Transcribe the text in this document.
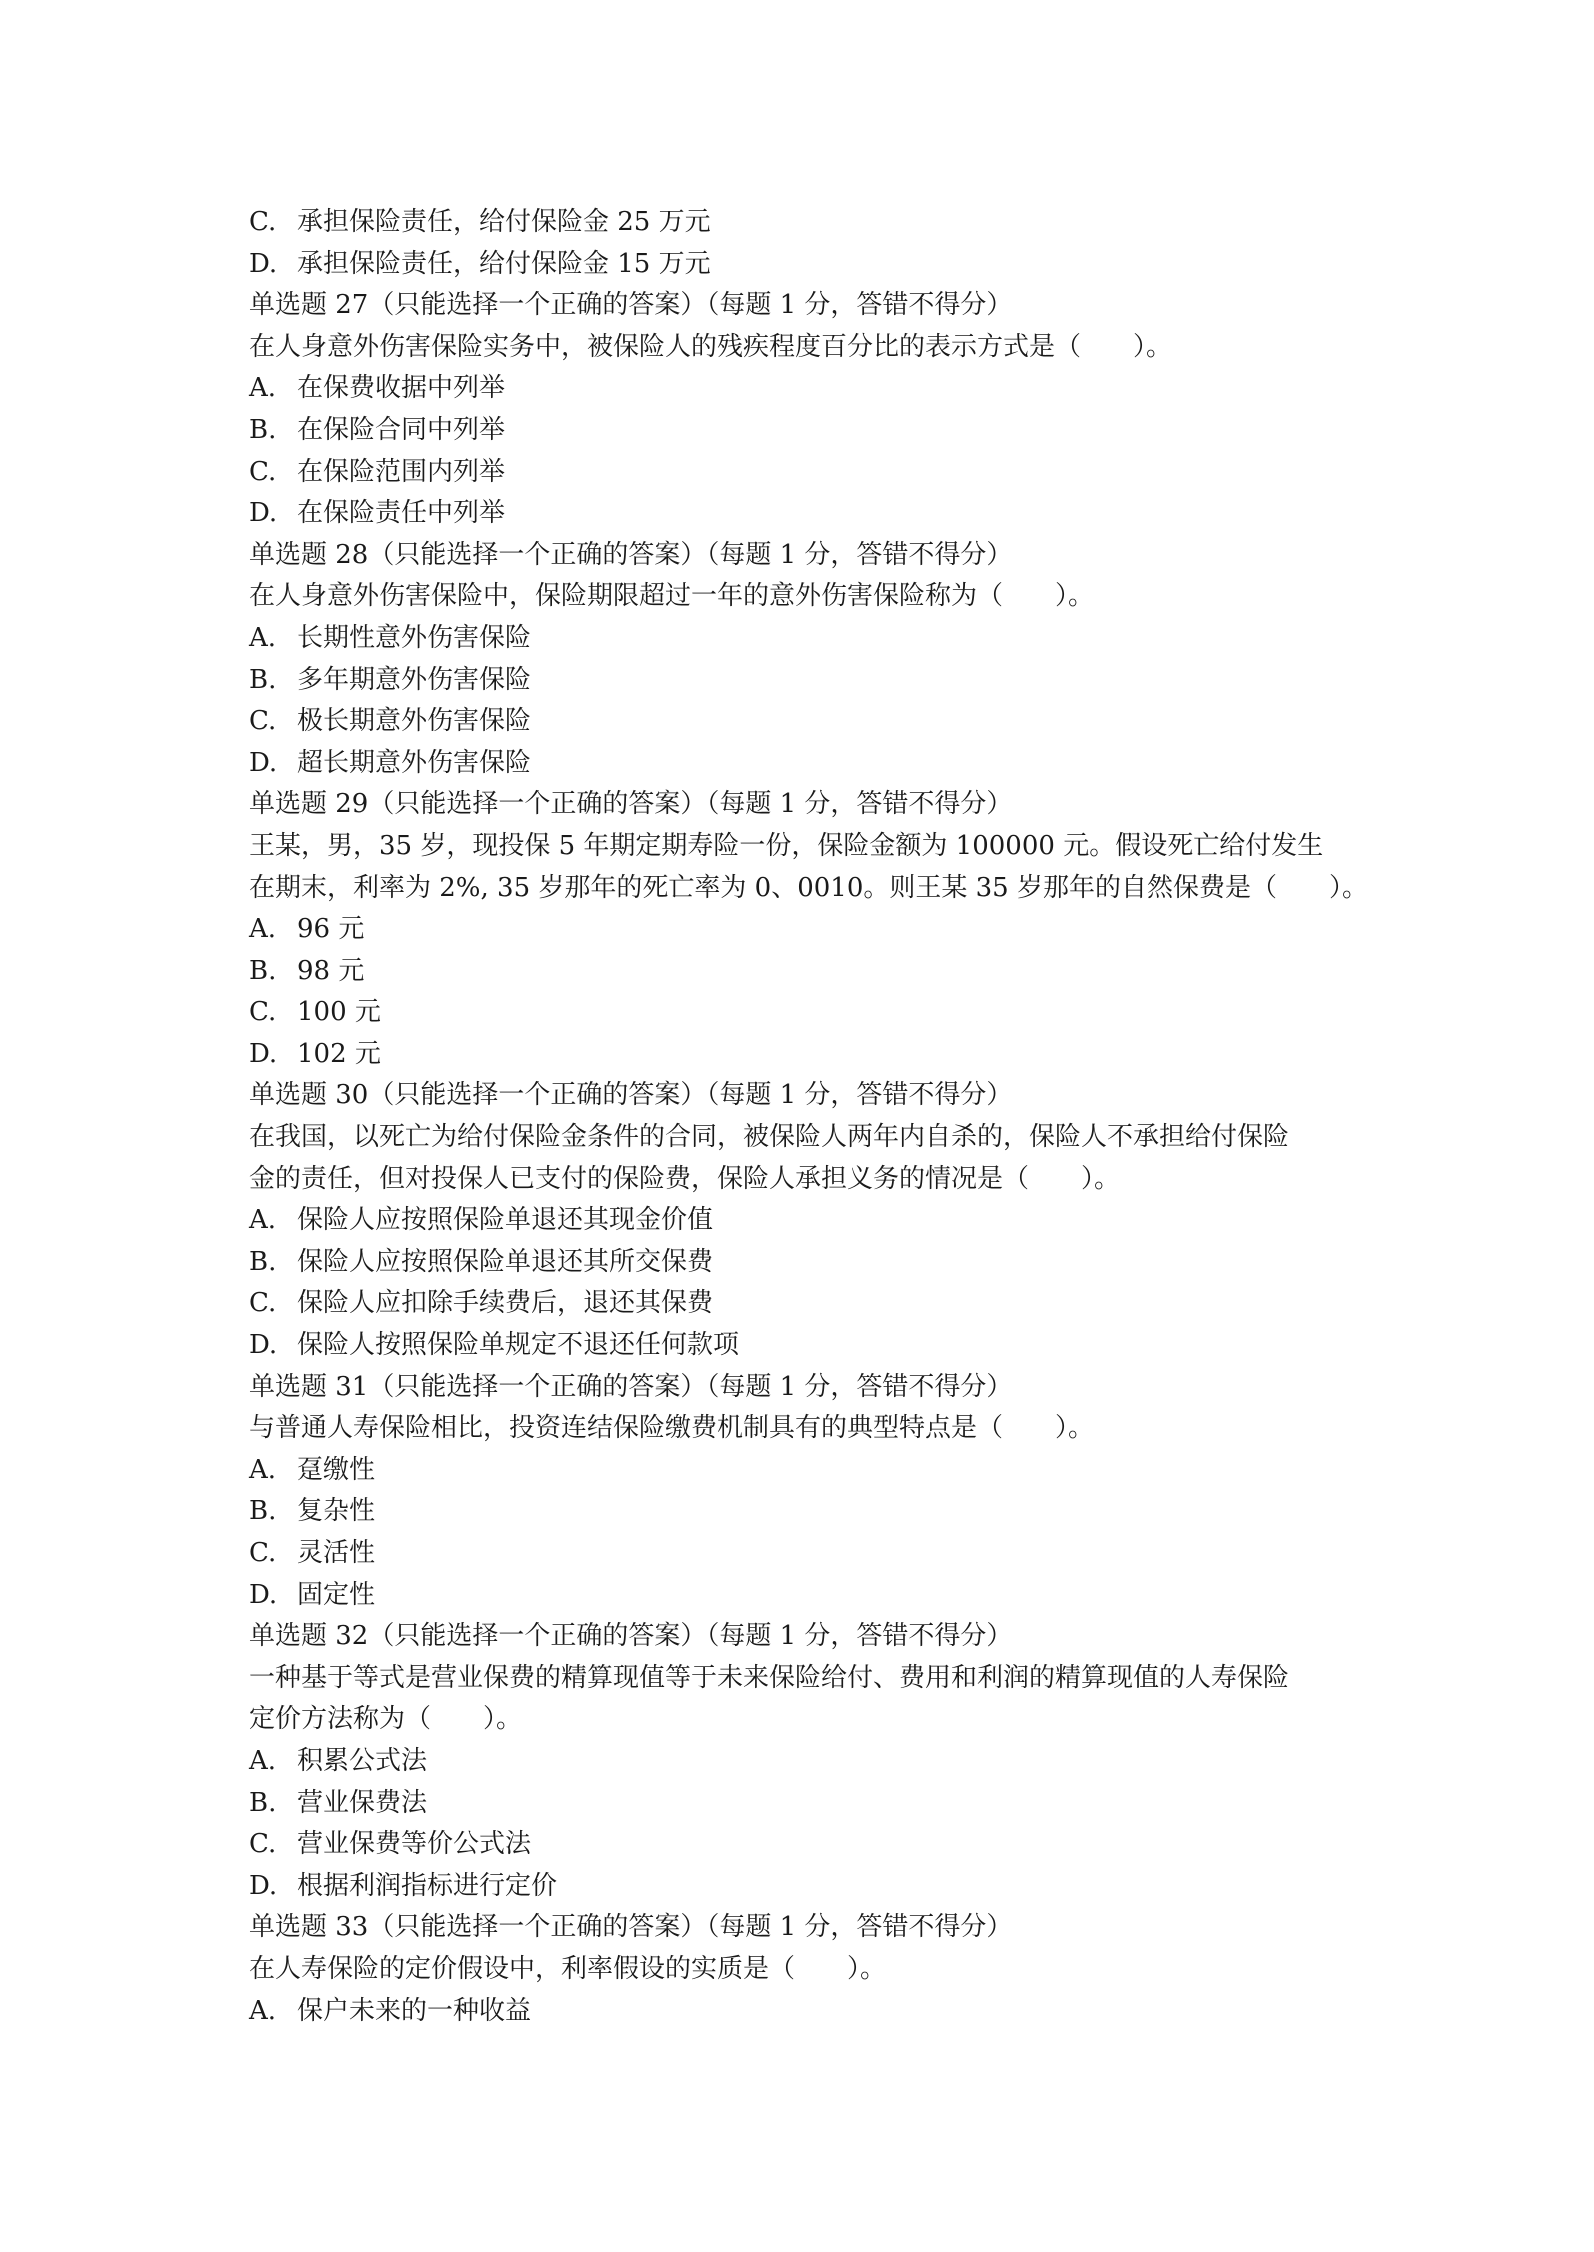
C. 承担保险责任，给付保险金 25 万元
D. 承担保险责任，给付保险金 15 万元
单选题 27（只能选择一个正确的答案）（每题 1 分，答错不得分）
在人身意外伤害保险实务中，被保险人的残疾程度百分比的表示方式是（　　）。
A. 在保费收据中列举
B. 在保险合同中列举
C. 在保险范围内列举
D. 在保险责任中列举
单选题 28（只能选择一个正确的答案）（每题 1 分，答错不得分）
在人身意外伤害保险中，保险期限超过一年的意外伤害保险称为（　　）。
A. 长期性意外伤害保险
B. 多年期意外伤害保险
C. 极长期意外伤害保险
D. 超长期意外伤害保险
单选题 29（只能选择一个正确的答案）（每题 1 分，答错不得分）
王某，男，35 岁，现投保 5 年期定期寿险一份，保险金额为 100000 元。假设死亡给付发生
在期末，利率为 2%, 35 岁那年的死亡率为 0、0010。则王某 35 岁那年的自然保费是（　　）。
A. 96 元
B. 98 元
C. 100 元
D. 102 元
单选题 30（只能选择一个正确的答案）（每题 1 分，答错不得分）
在我国，以死亡为给付保险金条件的合同，被保险人两年内自杀的，保险人不承担给付保险
金的责任，但对投保人已支付的保险费，保险人承担义务的情况是（　　）。
A. 保险人应按照保险单退还其现金价值
B. 保险人应按照保险单退还其所交保费
C. 保险人应扣除手续费后，退还其保费
D. 保险人按照保险单规定不退还任何款项
单选题 31（只能选择一个正确的答案）（每题 1 分，答错不得分）
与普通人寿保险相比，投资连结保险缴费机制具有的典型特点是（　　）。
A. 趸缴性
B. 复杂性
C. 灵活性
D. 固定性
单选题 32（只能选择一个正确的答案）（每题 1 分，答错不得分）
一种基于等式是营业保费的精算现值等于未来保险给付、费用和利润的精算现值的人寿保险
定价方法称为（　　）。
A. 积累公式法
B. 营业保费法
C. 营业保费等价公式法
D. 根据利润指标进行定价
单选题 33（只能选择一个正确的答案）（每题 1 分，答错不得分）
在人寿保险的定价假设中，利率假设的实质是（　　）。
A. 保户未来的一种收益
